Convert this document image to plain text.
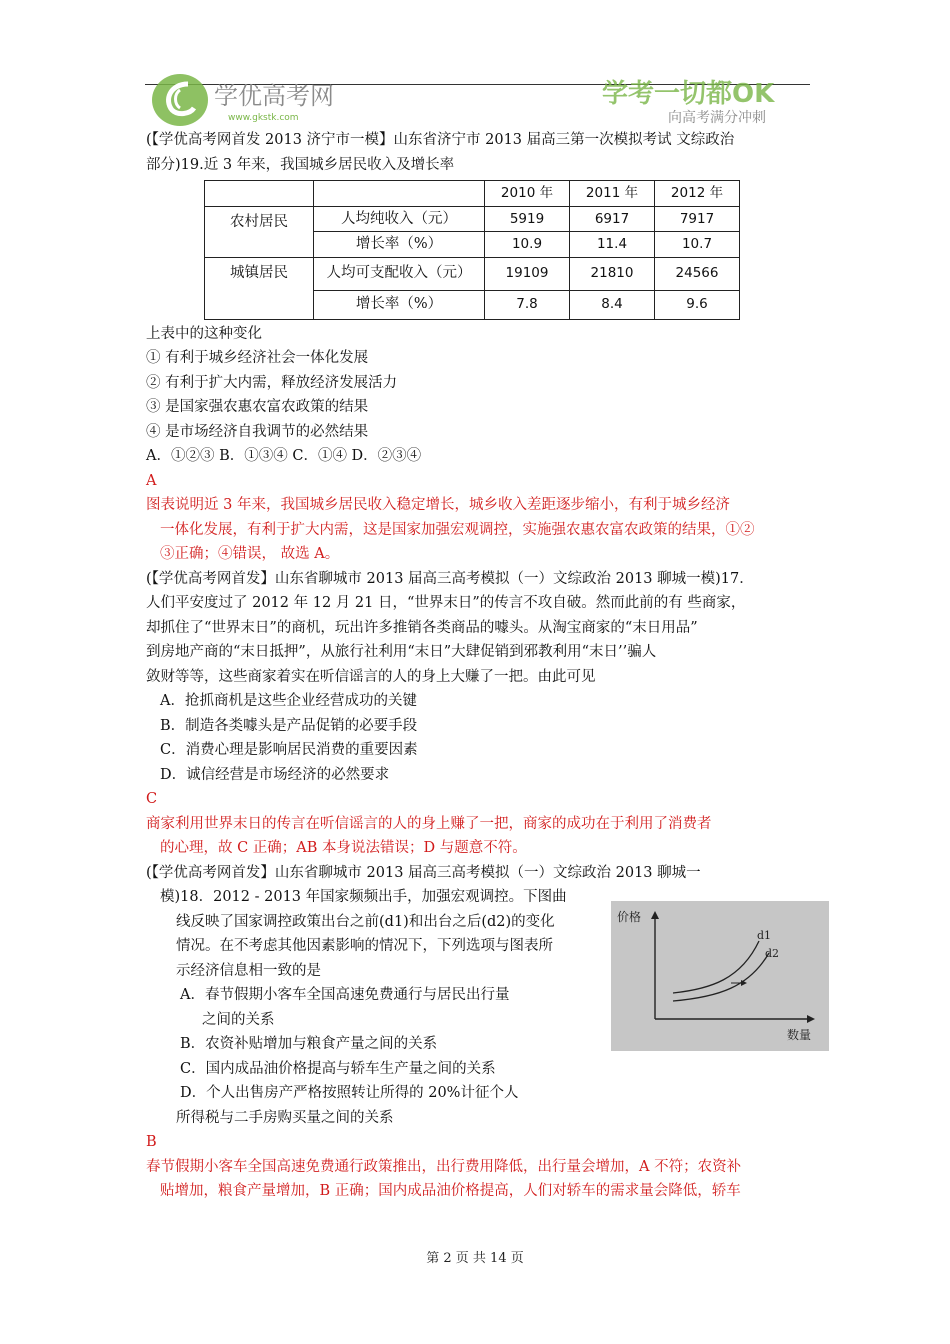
学优高考网
www.gkstk.com
学考一切都OK
向高考满分冲刺

(【学优高考网首发 2013 济宁市一模】山东省济宁市 2013 届高三第一次模拟考试 文综政治

部分)19.近 3 年来，我国城乡居民收入及增长率

		2010 年	2011 年	2012 年
农村居民	人均纯收入（元）	5919	6917	7917
	增长率（%）	10.9	11.4	10.7
城镇居民	人均可支配收入（元）	19109	21810	24566
	增长率（%）	7.8	8.4	9.6

上表中的这种变化

① 有利于城乡经济社会一体化发展

② 有利于扩大内需，释放经济发展活力

③ 是国家强农惠农富农政策的结果

④ 是市场经济自我调节的必然结果

A．①②③ B．①③④ C．①④ D．②③④

A

图表说明近 3 年来，我国城乡居民收入稳定增长，城乡收入差距逐步缩小，有利于城乡经济

一体化发展，有利于扩大内需，这是国家加强宏观调控，实施强农惠农富农政策的结果，①②

③正确；④错误， 故选 A。

(【学优高考网首发】山东省聊城市 2013 届高三高考模拟（一）文综政治 2013 聊城一模)17．

人们平安度过了 2012 年 12 月 21 日，“世界末日”的传言不攻自破。然而此前的有 些商家，

却抓住了“世界末日”的商机，玩出许多推销各类商品的噱头。从淘宝商家的“末日用品”

到房地产商的“末日抵押”，从旅行社利用“末日”大肆促销到邪教利用“末日’’骗人

敛财等等，这些商家着实在听信谣言的人的身上大赚了一把。由此可见

A．抢抓商机是这些企业经营成功的关键

B．制造各类噱头是产品促销的必要手段

C．消费心理是影响居民消费的重要因素

D．诚信经营是市场经济的必然要求

C

商家利用世界末日的传言在听信谣言的人的身上赚了一把，商家的成功在于利用了消费者

的心理，故 C 正确；AB 本身说法错误；D 与题意不符。

(【学优高考网首发】山东省聊城市 2013 届高三高考模拟（一）文综政治 2013 聊城一

模)18．2012 - 2013 年国家频频出手，加强宏观调控。下图曲

线反映了国家调控政策出台之前(d1)和出台之后(d2)的变化

情况。在不考虑其他因素影响的情况下，下列选项与图表所

示经济信息相一致的是

A．春节假期小客车全国高速免费通行与居民出行量

之间的关系

B．农资补贴增加与粮食产量之间的关系

C．国内成品油价格提高与轿车生产量之间的关系

D．个人出售房产严格按照转让所得的 20%计征个人

所得税与二手房购买量之间的关系

价格
数量
d1
d2

B

春节假期小客车全国高速免费通行政策推出，出行费用降低，出行量会增加，A 不符；农资补

贴增加，粮食产量增加，B 正确；国内成品油价格提高，人们对轿车的需求量会降低，轿车

第 2 页 共 14 页
